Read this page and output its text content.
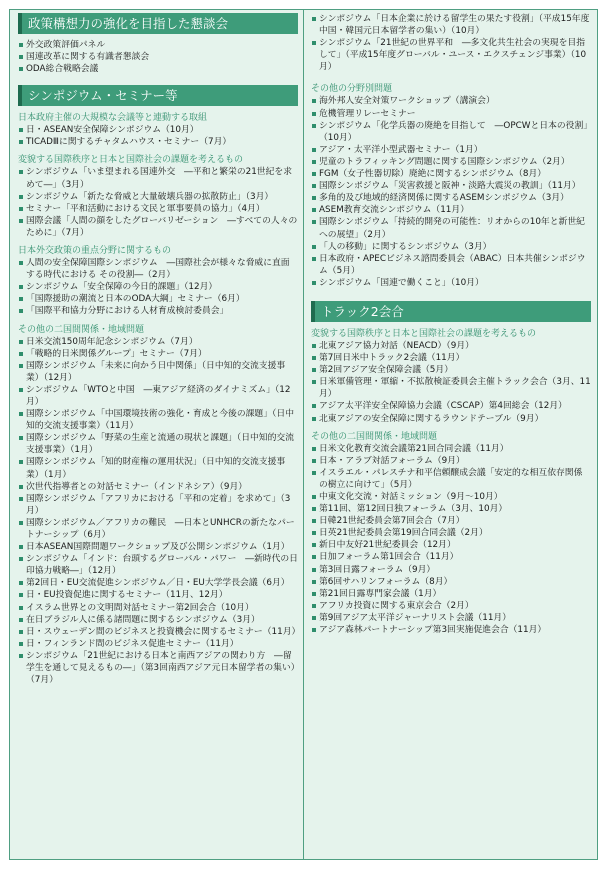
政策構想力の強化を目指した懇談会
外交政策評価パネル
国連改革に関する有識者懇談会
ODA総合戦略会議
シンポジウム・セミナー等
日本政府主催の大規模な会議等と連動する取組
日・ASEAN安全保障シンポジウム（10月）
TICADⅢに関するチャタムハウス・セミナー（7月）
変貌する国際秩序と日本と国際社会の課題を考えるもの
シンポジウム「いま望まれる国連外交　―平和と繁栄の21世紀を求めて―」（3月）
シンポジウム「新たな脅威と大量破壊兵器の拡散防止」（3月）
セミナー「平和活動における文民と軍事要員の協力」（4月）
国際会議「人間の顔をしたグローバリゼーション　―すべての人々のために」（7月）
日本外交政策の重点分野に関するもの
人間の安全保障国際シンポジウム　―国際社会が様々な脅威に直面する時代における その役割―（2月）
シンポジウム「安全保障の今日的課題」（12月）
「国際援助の潮流と日本のODA大綱」セミナー（6月）
「国際平和協力分野における人材育成検討委員会」
その他の二国間関係・地域問題
日米交流150周年記念シンポジウム（7月）
「戦略的日米関係グループ」セミナー（7月）
国際シンポジウム「未来に向かう日中関係」（日中知的交流支援事業）（12月）
シンポジウム「WTOと中国　―東アジア経済のダイナミズム」（12月）
国際シンポジウム「中国環境技術の強化・育成と今後の課題」（日中知的交流支援事業）（11月）
国際シンポジウム「野菜の生産と流通の現状と課題」（日中知的交流支援事業）（1月）
国際シンポジウム「知的財産権の運用状況」（日中知的交流支援事業）（1月）
次世代指導者との対話セミナー（インドネシア）（9月）
国際シンポジウム「アフリカにおける「平和の定着」を求めて」（3月）
国際シンポジウム／アフリカの難民　―日本とUNHCRの新たなパートナーシップ（6月）
日本ASEAN国際問題ワークショップ及び公開シンポジウム（1月）
シンポジウム「インド：台頭するグローバル・パワー　―新時代の日印協力戦略―」（12月）
第2回日・EU交流促進シンポジウム／日・EU大学学長会議（6月）
日・EU投資促進に関するセミナー（11月、12月）
イスラム世界との文明間対話セミナー第2回会合（10月）
在日ブラジル人に係る諸問題に関するシンポジウム（3月）
日・スウェーデン間のビジネスと投資機会に関するセミナー（11月）
日・フィンランド間のビジネス促進セミナー（11月）
シンポジウム「21世紀における日本と南西アジアの関わり方　―留学生を通して見えるもの―」（第3回南西アジア元日本留学者の集い）（7月）
シンポジウム「日本企業に於ける留学生の果たす役割」（平成15年度中国・韓国元日本留学者の集い）（10月）
シンポジウム「21世紀の世界平和　―多文化共生社会の実現を目指して」（平成15年度グローバル・ユース・エクスチェンジ事業）（10月）
その他の分野別問題
海外邦人安全対策ワークショップ（講演会）
危機管理リレーセミナー
シンポジウム「化学兵器の廃絶を目指して　―OPCWと日本の役割」（10月）
アジア・太平洋小型武器セミナー（1月）
児童のトラフィッキング問題に関する国際シンポジウム（2月）
FGM（女子性器切除）廃絶に関するシンポジウム（8月）
国際シンポジウム「災害救援と阪神・淡路大震災の教訓」（11月）
多角的及び地域的経済関係に関するASEMシンポジウム（3月）
ASEM教育交流シンポジウム（11月）
国際シンポジウム「持続的開発の可能性：リオからの10年と新世紀への展望」（2月）
「人の移動」に関するシンポジウム（3月）
日本政府・APECビジネス諮問委員会（ABAC）日本共催シンポジウム（5月）
シンポジウム「国連で働くこと」（10月）
トラック2会合
変貌する国際秩序と日本と国際社会の課題を考えるもの
北東アジア協力対話（NEACD）（9月）
第7回日米中トラック2会議（11月）
第2回アジア安全保障会議（5月）
日米軍備管理・軍縮・不拡散検証委員会主催トラック会合（3月、11月）
アジア太平洋安全保障協力会議（CSCAP）第4回総会（12月）
北東アジアの安全保障に関するラウンドテーブル（9月）
その他の二国間関係・地域問題
日米文化教育交流会議第21回合同会議（11月）
日本・アラブ対話フォーラム（9月）
イスラエル・パレスチナ和平信頼醸成会議「安定的な相互依存関係の樹立に向けて」（5月）
中東文化交流・対話ミッション（9月～10月）
第11回、第12回日独フォーラム（3月、10月）
日韓21世紀委員会第7回会合（7月）
日英21世紀委員会第19回合同会議（2月）
新日中友好21世紀委員会（12月）
日加フォーラム第1回会合（11月）
第3回日露フォーラム（9月）
第6回サハリンフォーラム（8月）
第21回日露専門家会議（1月）
アフリカ投資に関する東京会合（2月）
第9回アジア太平洋ジャーナリスト会議（11月）
アジア森林パートナーシップ第3回実施促進会合（11月）
